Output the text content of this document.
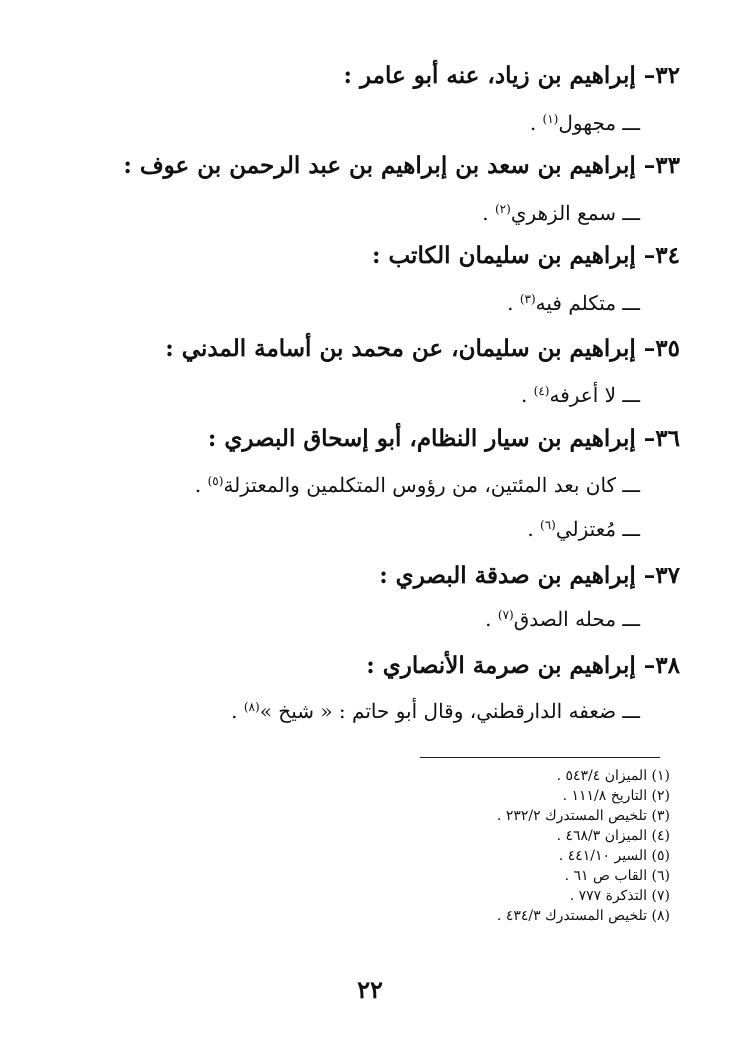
٣٢– إبراهيم بن زياد، عنه أبو عامر :
ـــ مجهول$^{(١)}$ .
٣٣– إبراهيم بن سعد بن إبراهيم بن عبد الرحمن بن عوف :
ـــ سمع الزهري$^{(٢)}$ .
٣٤– إبراهيم بن سليمان الكاتب :
ـــ متكلم فيه$^{(٣)}$ .
٣٥– إبراهيم بن سليمان، عن محمد بن أسامة المدني :
ـــ لا أعرفه$^{(٤)}$ .
٣٦– إبراهيم بن سيار النظام، أبو إسحاق البصري :
ـــ كان بعد المئتين، من رؤوس المتكلمين والمعتزلة$^{(٥)}$ .
ـــ مُعتزلي$^{(٦)}$ .
٣٧– إبراهيم بن صدقة البصري :
ـــ محله الصدق$^{(٧)}$ .
٣٨– إبراهيم بن صرمة الأنصاري :
ـــ ضعفه الدارقطني، وقال أبو حاتم : « شيخ »$^{(٨)}$ .
(١) الميزان ٥٤٣/٤ .
(٢) التاريخ ١١١/٨ .
(٣) تلخيص المستدرك ٢٣٢/٢ .
(٤) الميزان ٤٦٨/٣ .
(٥) السير ٤٤١/١٠ .
(٦) القاب ص ٦١ .
(٧) التذكرة ٧٧٧ .
(٨) تلخيص المستدرك ٤٣٤/٣ .
٢٢
